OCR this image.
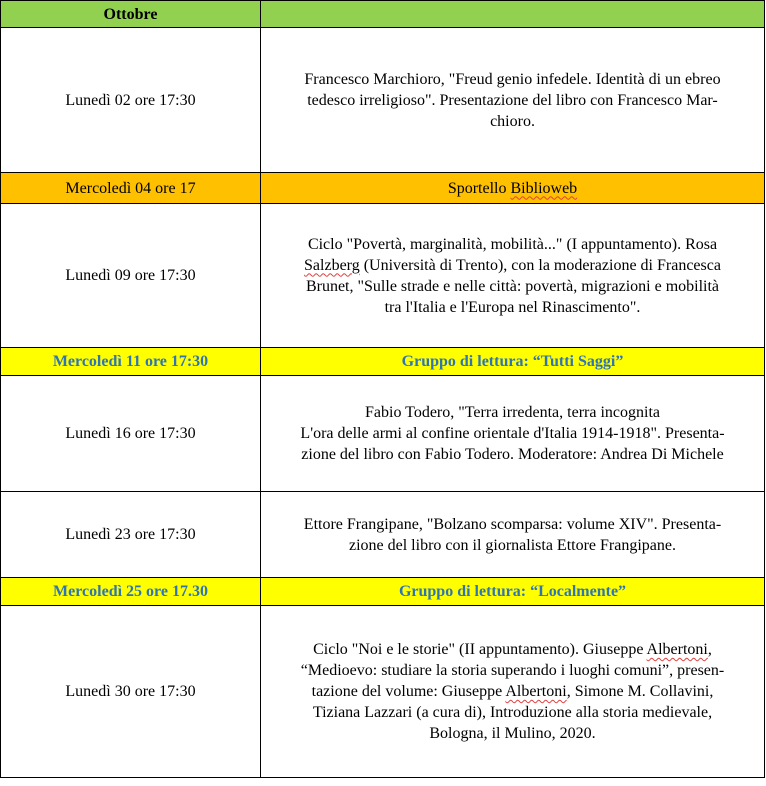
Ottobre	
Lunedì 02 ore 17:30	Francesco Marchioro, "Freud genio infedele. Identità di un ebreo
tedesco irreligioso". Presentazione del libro con Francesco Mar-
chioro.
Mercoledì 04 ore 17	Sportello Biblioweb
Lunedì 09 ore 17:30	Ciclo "Povertà, marginalità, mobilità..." (I appuntamento). Rosa
Salzberg (Università di Trento), con la moderazione di Francesca
Brunet, "Sulle strade e nelle città: povertà, migrazioni e mobilità
tra l'Italia e l'Europa nel Rinascimento".
Mercoledì 11 ore 17:30	Gruppo di lettura: “Tutti Saggi”
Lunedì 16 ore 17:30	Fabio Todero, "Terra irredenta, terra incognita
L'ora delle armi al confine orientale d'Italia 1914-1918". Presenta-
zione del libro con Fabio Todero. Moderatore: Andrea Di Michele
Lunedì 23 ore 17:30	Ettore Frangipane, "Bolzano scomparsa: volume XIV". Presenta-
zione del libro con il giornalista Ettore Frangipane.
Mercoledì 25 ore 17.30	Gruppo di lettura: “Localmente”
Lunedì 30 ore 17:30	Ciclo "Noi e le storie" (II appuntamento). Giuseppe Albertoni,
“Medioevo: studiare la storia superando i luoghi comuni”, presen-
tazione del volume: Giuseppe Albertoni, Simone M. Collavini,
Tiziana Lazzari (a cura di), Introduzione alla storia medievale,
Bologna, il Mulino, 2020.
